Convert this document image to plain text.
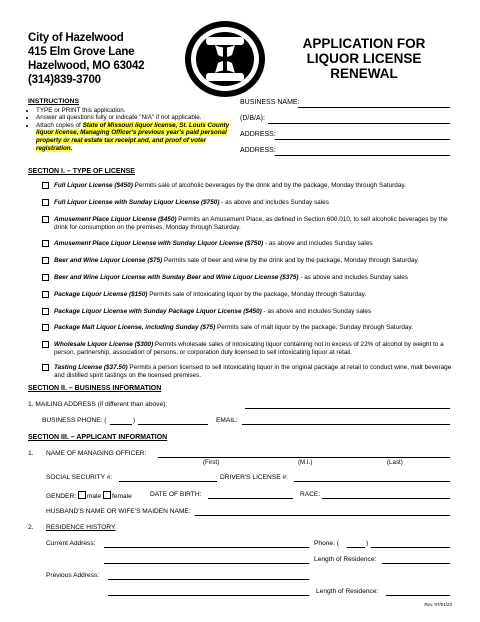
City of Hazelwood
415 Elm Grove Lane
Hazelwood, MO 63042
(314)839-3700
APPLICATION FOR
LIQUOR LICENSE
RENEWAL
INSTRUCTIONS
• TYPE or PRINT this application.
• Answer all questions fully or indicate "N/A" if not applicable.
• Attach copies of State of Missouri liquor license, St. Louis County liquor license, Managing Officer's previous year's paid personal property or real estate tax receipt and, and proof of voter registration.
BUSINESS NAME:
(D/B/A):
ADDRESS:
ADDRESS:
SECTION I. – TYPE OF LICENSE
Full Liquor License ($450) Permits sale of alcoholic beverages by the drink and by the package, Monday through Saturday.
Full Liquor License with Sunday Liquor License ($750) - as above and includes Sunday sales
Amusement Place Liquor License ($450) Permits an Amusement Place, as defined in Section 600.010, to sell alcoholic beverages by the drink for consumption on the premises, Monday through Saturday.
Amusement Place Liquor License with Sunday Liquor License ($750) - as above and includes Sunday sales
Beer and Wine Liquor License ($75) Permits sale of beer and wine by the drink and by the package, Monday through Saturday.
Beer and Wine Liquor License with Sunday Beer and Wine Liquor License ($375) - as above and includes Sunday sales
Package Liquor License ($150) Permits sale of intoxicating liquor by the package, Monday through Saturday.
Package Liquor License with Sunday Package Liquor License ($450) - as above and includes Sunday sales
Package Malt Liquor License, including Sunday ($75) Permits sale of malt liquor by the package, Sunday through Saturday.
Wholesale Liquor License ($300) Permits wholesale sales of intoxicating liquor containing not in excess of 22% of alcohol by weight to a person, partnership, association of persons, or corporation duly licensed to sell intoxicating liquor at retail.
Tasting License ($37.50) Permits a person licensed to sell intoxicating liquor in the original package at retail to conduct wine, malt beverage and distilled spirit tastings on the licensed premises.
SECTION II. – BUSINESS INFORMATION
1. MAILING ADDRESS (if different than above):
BUSINESS PHONE: (	)	EMAIL:
SECTION III. – APPLICANT INFORMATION
1. NAME OF MANAGING OFFICER:
(First)	(M.I.)	(Last)
SOCIAL SECURITY #:	DRIVER'S LICENSE #:
GENDER: male female	DATE OF BIRTH:	RACE:
HUSBAND'S NAME OR WIFE'S MAIDEN NAME:
2. RESIDENCE HISTORY
Current Address:	Phone: (	)
Length of Residence:
Previous Address:
Length of Residence:
Rev. 07/01/23
